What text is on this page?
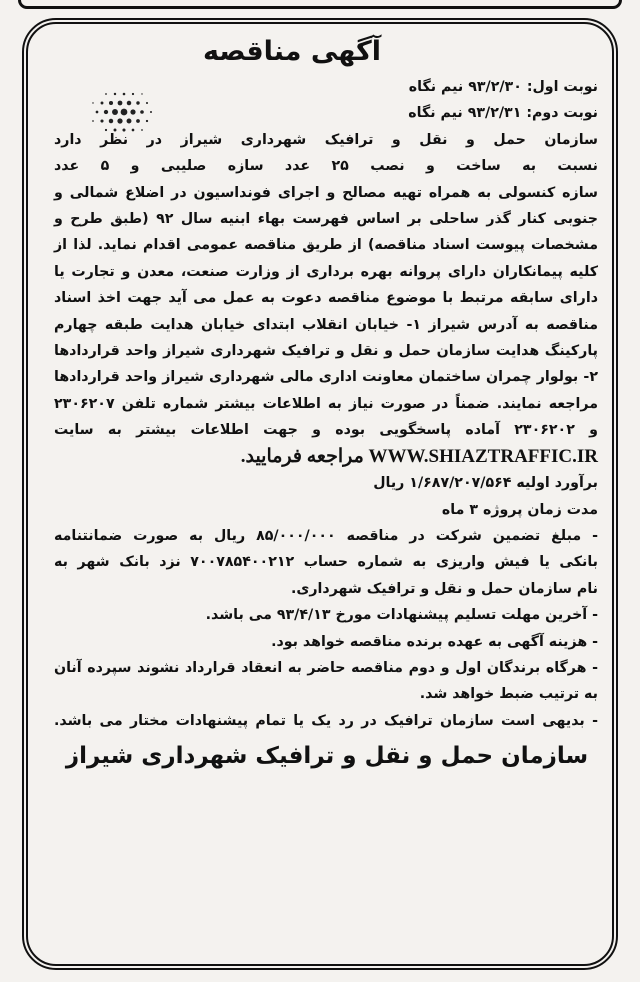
آگهی مناقصه
نوبت اول: ۹۳/۲/۳۰ نیم نگاه
نوبت دوم: ۹۳/۲/۳۱ نیم نگاه
سازمان حمل و نقل و ترافیک شهرداری شیراز در نظر دارد
نسبت به ساخت و نصب ۲۵ عدد سازه صلیبی و ۵ عدد
سازه کنسولی به همراه تهیه مصالح و اجرای فونداسیون در اضلاع شمالی و
جنوبی کنار گذر ساحلی بر اساس فهرست بهاء ابنیه سال ۹۲ (طبق طرح و
مشخصات پیوست اسناد مناقصه) از طریق مناقصه عمومی اقدام نماید. لذا از
کلیه پیمانکاران دارای پروانه بهره برداری از وزارت صنعت، معدن و تجارت یا
دارای سابقه مرتبط با موضوع مناقصه دعوت به عمل می آید جهت اخذ اسناد
مناقصه به آدرس شیراز ۱- خیابان انقلاب ابتدای خیابان هدایت طبقه چهارم
پارکینگ هدایت سازمان حمل و نقل و ترافیک شهرداری شیراز واحد قراردادها
۲- بولوار چمران ساختمان معاونت اداری مالی شهرداری شیراز واحد قراردادها
مراجعه نمایند. ضمناً در صورت نیاز به اطلاعات بیشتر شماره تلفن ۲۳۰۶۲۰۷
و ۲۳۰۶۲۰۲ آماده پاسخگویی بوده و جهت اطلاعات بیشتر به سایت
WWW.SHIAZTRAFFIC.IR مراجعه فرمایید.
برآورد اولیه ۱/۶۸۷/۲۰۷/۵۶۴ ریال
مدت زمان پروژه ۳ ماه
- مبلغ تضمین شرکت در مناقصه ۸۵/۰۰۰/۰۰۰ ریال به صورت ضمانتنامه
بانکی یا فیش واریزی به شماره حساب ۷۰۰۷۸۵۴۰۰۲۱۲ نزد بانک شهر به
نام سازمان حمل و نقل و ترافیک شهرداری.
- آخرین مهلت تسلیم پیشنهادات مورخ ۹۳/۴/۱۳ می باشد.
- هزینه آگهی به عهده برنده مناقصه خواهد بود.
- هرگاه برندگان اول و دوم مناقصه حاضر به انعقاد قرارداد نشوند سپرده آنان
به ترتیب ضبط خواهد شد.
- بدیهی است سازمان ترافیک در رد یک یا تمام پیشنهادات مختار می باشد.
سازمان حمل و نقل و ترافیک شهرداری شیراز
